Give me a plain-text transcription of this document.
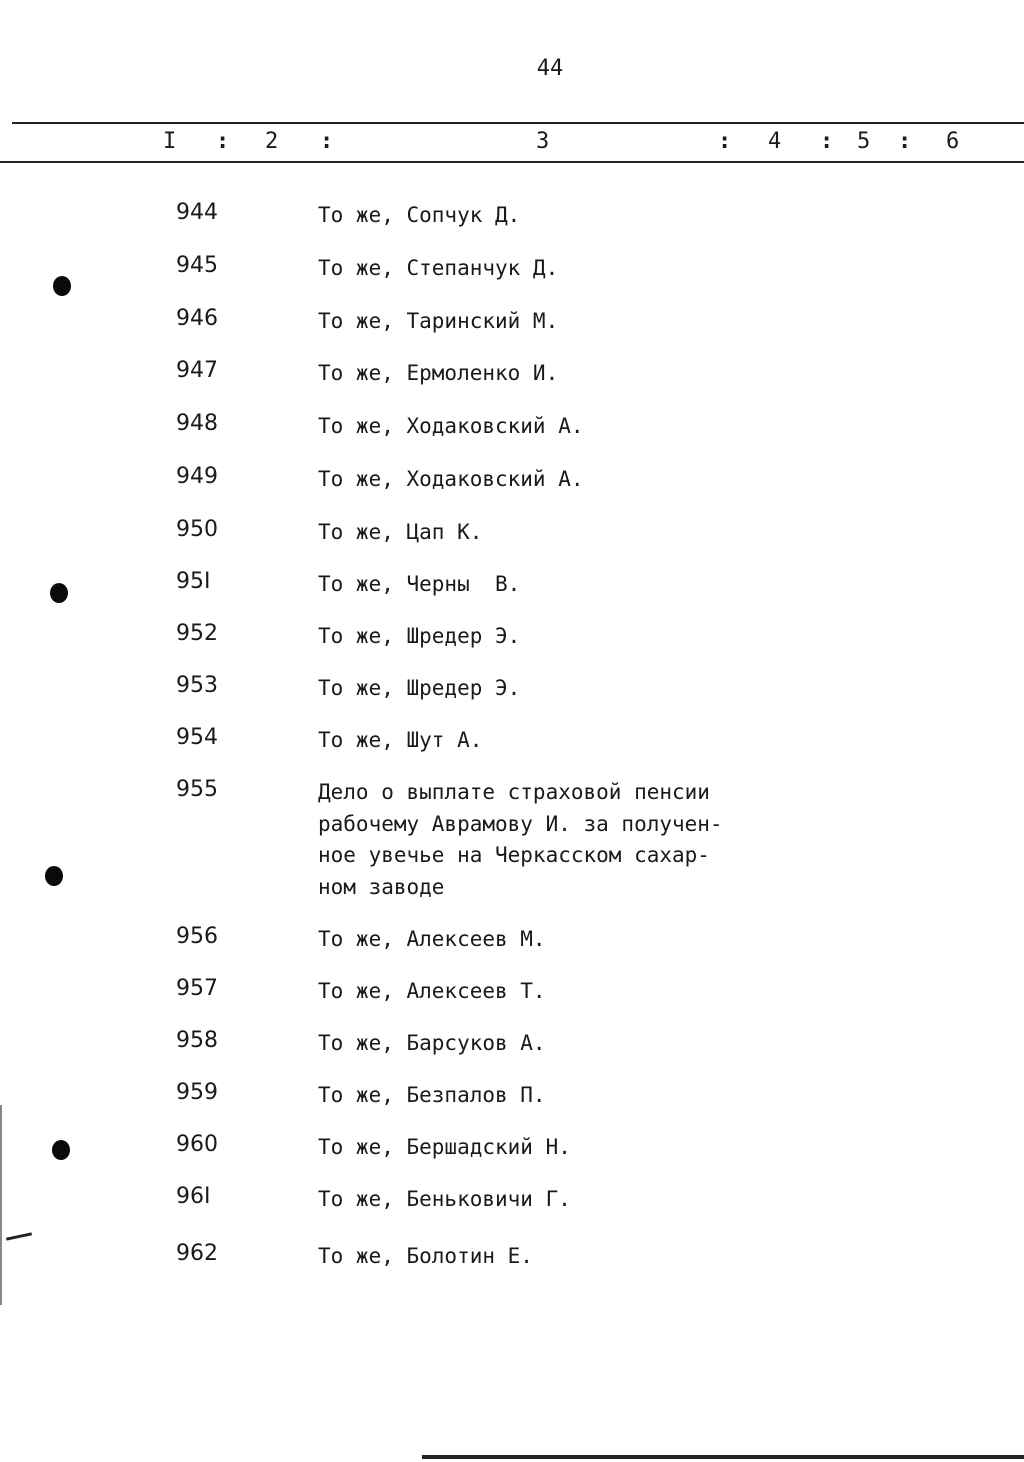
44
I : 2 :	3	: 4 : 5 : 6
944	То же, Сопчук Д.
945	То же, Степанчук Д.
946	То же, Таринский М.
947	То же, Ермоленко И.
948	То же, Ходаковский А.
949	То же, Ходаковский А.
950	То же, Цап К.
95I	То же, Черны  В.
952	То же, Шредер Э.
953	То же, Шредер Э.
954	То же, Шут А.
955	Дело о выплате страховой пенсии
рабочему Аврамову И. за получен-
ное увечье на Черкасском сахар-
ном заводе
956	То же, Алексеев М.
957	То же, Алексеев Т.
958	То же, Барсуков А.
959	То же, Безпалов П.
960	То же, Бершадский Н.
96I	То же, Беньковичи Г.
962	То же, Болотин Е.
